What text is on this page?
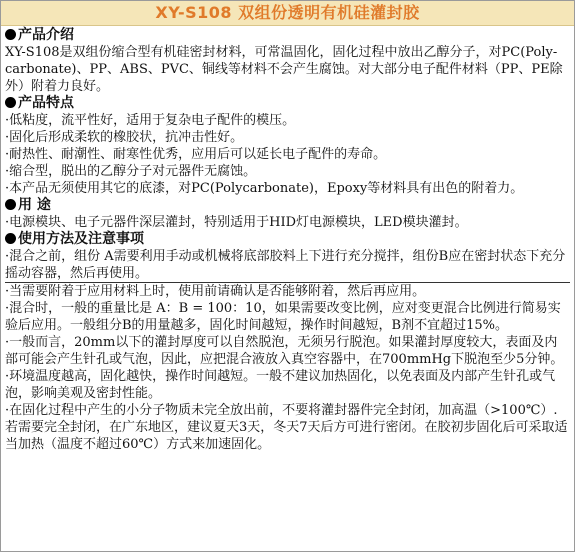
XY-S108 双组份透明有机硅灌封胶
产品介绍

XY-S108是双组份缩合型有机硅密封材料，可常温固化，固化过程中放出乙醇分子，对PC(Poly-carbonate)、PP、ABS、PVC、铜线等材料不会产生腐蚀。对大部分电子配件材料（PP、PE除外）附着力良好。

产品特点

·低粘度，流平性好，适用于复杂电子配件的模压。

·固化后形成柔软的橡胶状，抗冲击性好。

·耐热性、耐潮性、耐寒性优秀，应用后可以延长电子配件的寿命。

·缩合型，脱出的乙醇分子对元器件无腐蚀。

·本产品无须使用其它的底漆，对PC(Polycarbonate)，Epoxy等材料具有出色的附着力。

用 途

·电源模块、电子元器件深层灌封，特别适用于HID灯电源模块，LED模块灌封。

使用方法及注意事项

·混合之前，组份 A需要利用手动或机械将底部胶料上下进行充分搅拌，组份B应在密封状态下充分摇动容器，然后再使用。

·当需要附着于应用材料上时，使用前请确认是否能够附着，然后再应用。

·混合时，一般的重量比是 A：B = 100：10，如果需要改变比例，应对变更混合比例进行简易实验后应用。一般组分B的用量越多，固化时间越短，操作时间越短，B剂不宜超过15%。

·一般而言，20mm以下的灌封厚度可以自然脱泡，无须另行脱泡。如果灌封厚度较大，表面及内部可能会产生针孔或气泡，因此，应把混合液放入真空容器中，在700mmHg下脱泡至少5分钟。

·环境温度越高，固化越快，操作时间越短。一般不建议加热固化，以免表面及内部产生针孔或气泡，影响美观及密封性能。

·在固化过程中产生的小分子物质未完全放出前，不要将灌封器件完全封闭，加高温（>100℃）.若需要完全封闭，在广东地区，建议夏天3天，冬天7天后方可进行密闭。在胶初步固化后可采取适当加热（温度不超过60℃）方式来加速固化。
